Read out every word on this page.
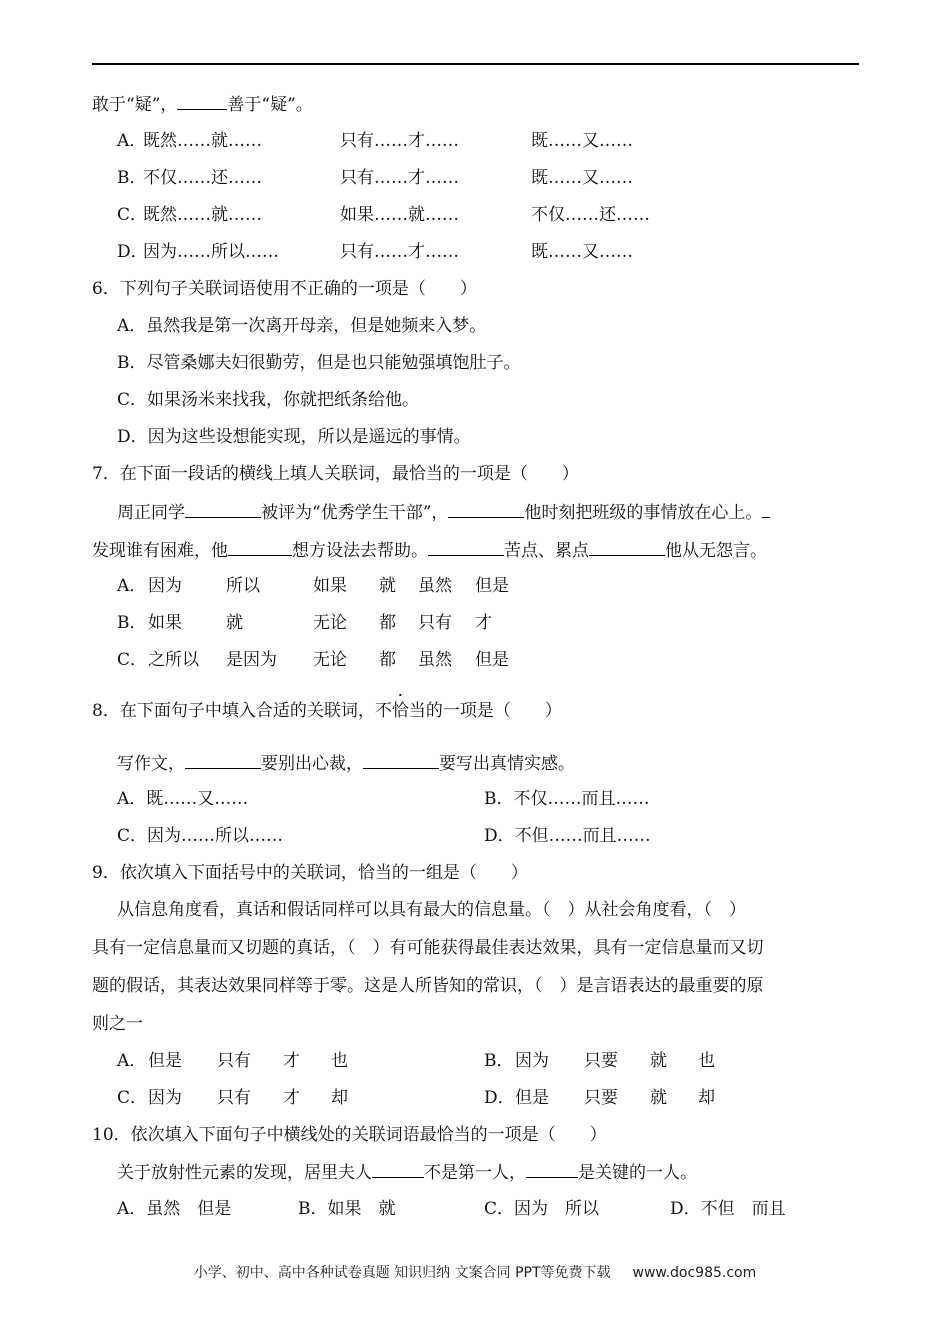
敢于“疑”，	善于“疑”。
A．
既然……就……	只有……才……	既……又……
B．
不仅……还……	只有……才……	既……又……
C．
既然……就……	如果……就……	不仅……还……
D．
因为……所以……	只有……才……	既……又……
6．下列句子关联词语使用不正确的一项是（　　）
A．虽然我是第一次离开母亲，但是她频来入梦。
B．尽管桑娜夫妇很勤劳，但是也只能勉强填饱肚子。
C．如果汤米来找我，你就把纸条给他。
D．因为这些设想能实现，所以是遥远的事情。
7．在下面一段话的横线上填人关联词，最恰当的一项是（　　）
周正同学	被评为“优秀学生干部”，	他时刻把班级的事情放在心上。
发现谁有困难，他	想方设法去帮助。	苦点、累点	他从无怨言。
A． 因为	所以	如果 就 虽然 但是
B． 如果	就	无论 都 只有 才
C． 之所以 是因为 无论 都 虽然 但是
8．在下面句子中填入合适的关联词，不恰当的一项是（　　）
写作文，	要别出心裁，	要写出真情实感。
A．既……又……	B．不仅……而且……
C．因为……所以……	D．不但……而且……
9．依次填入下面括号中的关联词，恰当的一组是（　　）
从信息角度看，真话和假话同样可以具有最大的信息量。（　）从社会角度看，（　）
具有一定信息量而又切题的真话，（　）有可能获得最佳表达效果，具有一定信息量而又切
题的假话，其表达效果同样等于零。这是人所皆知的常识，（　）是言语表达的最重要的原
则之一
A． 但是 只有 才 也	B． 因为 只要 就 也
C． 因为 只有 才 却	D． 但是 只要 就 却
10．依次填入下面句子中横线处的关联词语最恰当的一项是（　　）
关于放射性元素的发现，居里夫人	不是第一人，	是关键的一人。
A．虽然　但是	B．如果　就	C．因为　所以	D．不但　而且
小学、初中、高中各种试卷真题 知识归纳 文案合同 PPT等免费下载 www.doc985.com
